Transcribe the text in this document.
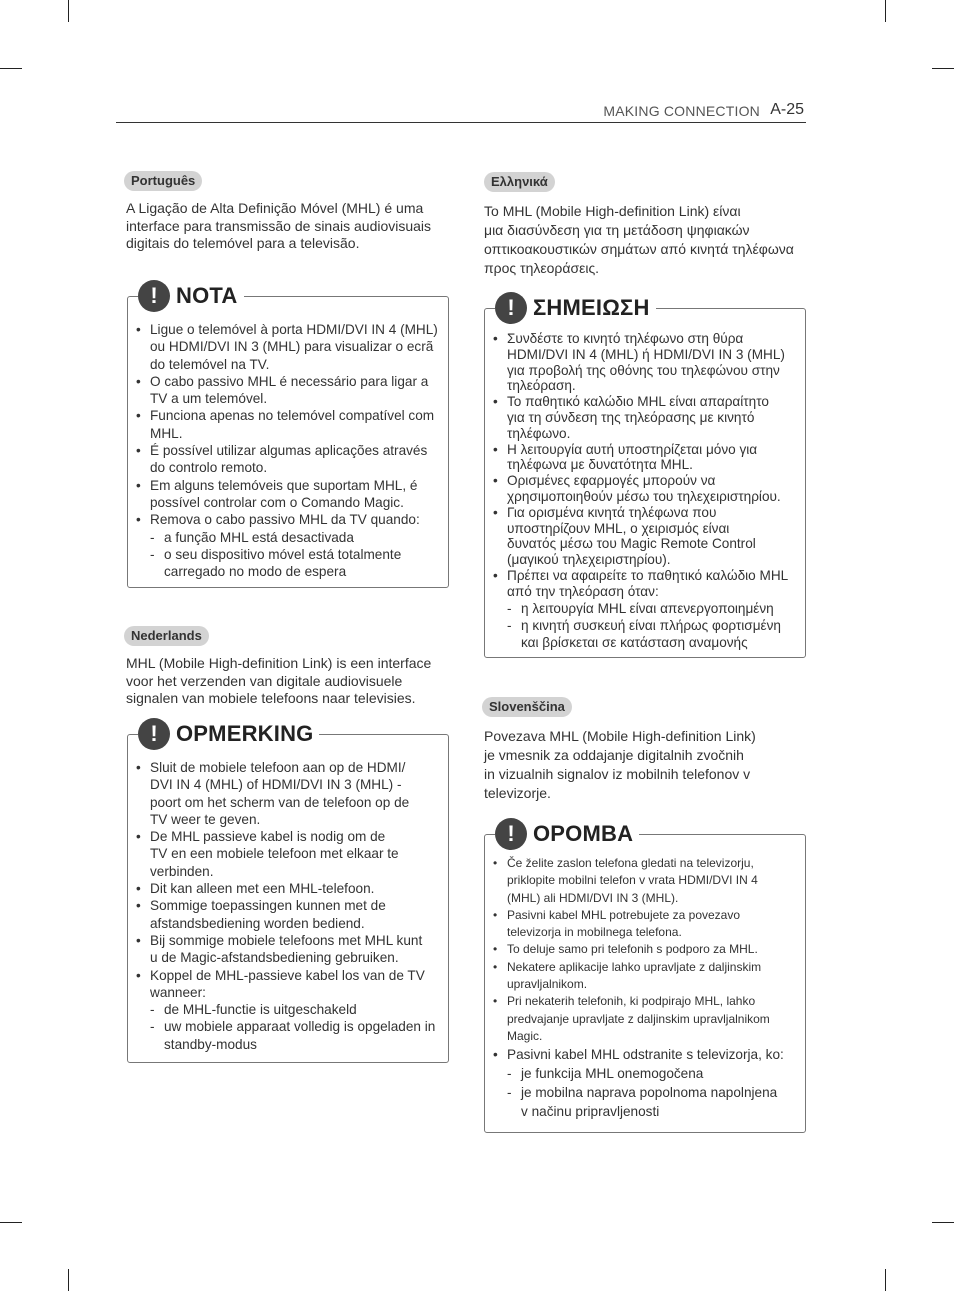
MAKING CONNECTION A-25
Português
A Ligação de Alta Definição Móvel (MHL) é uma
interface para transmissão de sinais audiovisuais
digitais do telemóvel para a televisão.
! NOTA
• Ligue o telemóvel à porta HDMI/DVI IN 4 (MHL)
ou HDMI/DVI IN 3 (MHL) para visualizar o ecrã
do telemóvel na TV.
• O cabo passivo MHL é necessário para ligar a
TV a um telemóvel.
• Funciona apenas no telemóvel compatível com
MHL.
• É possível utilizar algumas aplicações através
do controlo remoto.
• Em alguns telemóveis que suportam MHL, é
possível controlar com o Comando Magic.
• Remova o cabo passivo MHL da TV quando:
- a função MHL está desactivada
- o seu dispositivo móvel está totalmente
carregado no modo de espera
Nederlands
MHL (Mobile High-definition Link) is een interface
voor het verzenden van digitale audiovisuele
signalen van mobiele telefoons naar televisies.
! OPMERKING
• Sluit de mobiele telefoon aan op de HDMI/
DVI IN 4 (MHL) of HDMI/DVI IN 3 (MHL) -
poort om het scherm van de telefoon op de
TV weer te geven.
• De MHL passieve kabel is nodig om de
TV en een mobiele telefoon met elkaar te
verbinden.
• Dit kan alleen met een MHL-telefoon.
• Sommige toepassingen kunnen met de
afstandsbediening worden bediend.
• Bij sommige mobiele telefoons met MHL kunt
u de Magic-afstandsbediening gebruiken.
• Koppel de MHL-passieve kabel los van de TV
wanneer:
- de MHL-functie is uitgeschakeld
- uw mobiele apparaat volledig is opgeladen in
standby-modus
Ελληνικά
Το MHL (Mobile High-definition Link) είναι
μια διασύνδεση για τη μετάδοση ψηφιακών
οπτικοακουστικών σημάτων από κινητά τηλέφωνα
προς τηλεοράσεις.
! ΣΗΜΕΙΩΣΗ
• Συνδέστε το κινητό τηλέφωνο στη θύρα
HDMI/DVI IN 4 (MHL) ή HDMI/DVI IN 3 (MHL)
για προβολή της οθόνης του τηλεφώνου στην
τηλεόραση.
• Το παθητικό καλώδιο MHL είναι απαραίτητο
για τη σύνδεση της τηλεόρασης με κινητό
τηλέφωνο.
• Η λειτουργία αυτή υποστηρίζεται μόνο για
τηλέφωνα με δυνατότητα MHL.
• Ορισμένες εφαρμογές μπορούν να
χρησιμοποιηθούν μέσω του τηλεχειριστηρίου.
• Για ορισμένα κινητά τηλέφωνα που
υποστηρίζουν MHL, ο χειρισμός είναι
δυνατός μέσω του Magic Remote Control
(μαγικού τηλεχειριστηρίου).
• Πρέπει να αφαιρείτε το παθητικό καλώδιο MHL
από την τηλεόραση όταν:
- η λειτουργία MHL είναι απενεργοποιημένη
- η κινητή συσκευή είναι πλήρως φορτισμένη
και βρίσκεται σε κατάσταση αναμονής
Slovenščina
Povezava MHL (Mobile High-definition Link)
je vmesnik za oddajanje digitalnih zvočnih
in vizualnih signalov iz mobilnih telefonov v
televizorje.
! OPOMBA
• Če želite zaslon telefona gledati na televizorju,
priklopite mobilni telefon v vrata HDMI/DVI IN 4
(MHL) ali HDMI/DVI IN 3 (MHL).
• Pasivni kabel MHL potrebujete za povezavo
televizorja in mobilnega telefona.
• To deluje samo pri telefonih s podporo za MHL.
• Nekatere aplikacije lahko upravljate z daljinskim
upravljalnikom.
• Pri nekaterih telefonih, ki podpirajo MHL, lahko
predvajanje upravljate z daljinskim upravljalnikom
Magic.
• Pasivni kabel MHL odstranite s televizorja, ko:
- je funkcija MHL onemogočena
- je mobilna naprava popolnoma napolnjena
v načinu pripravljenosti
